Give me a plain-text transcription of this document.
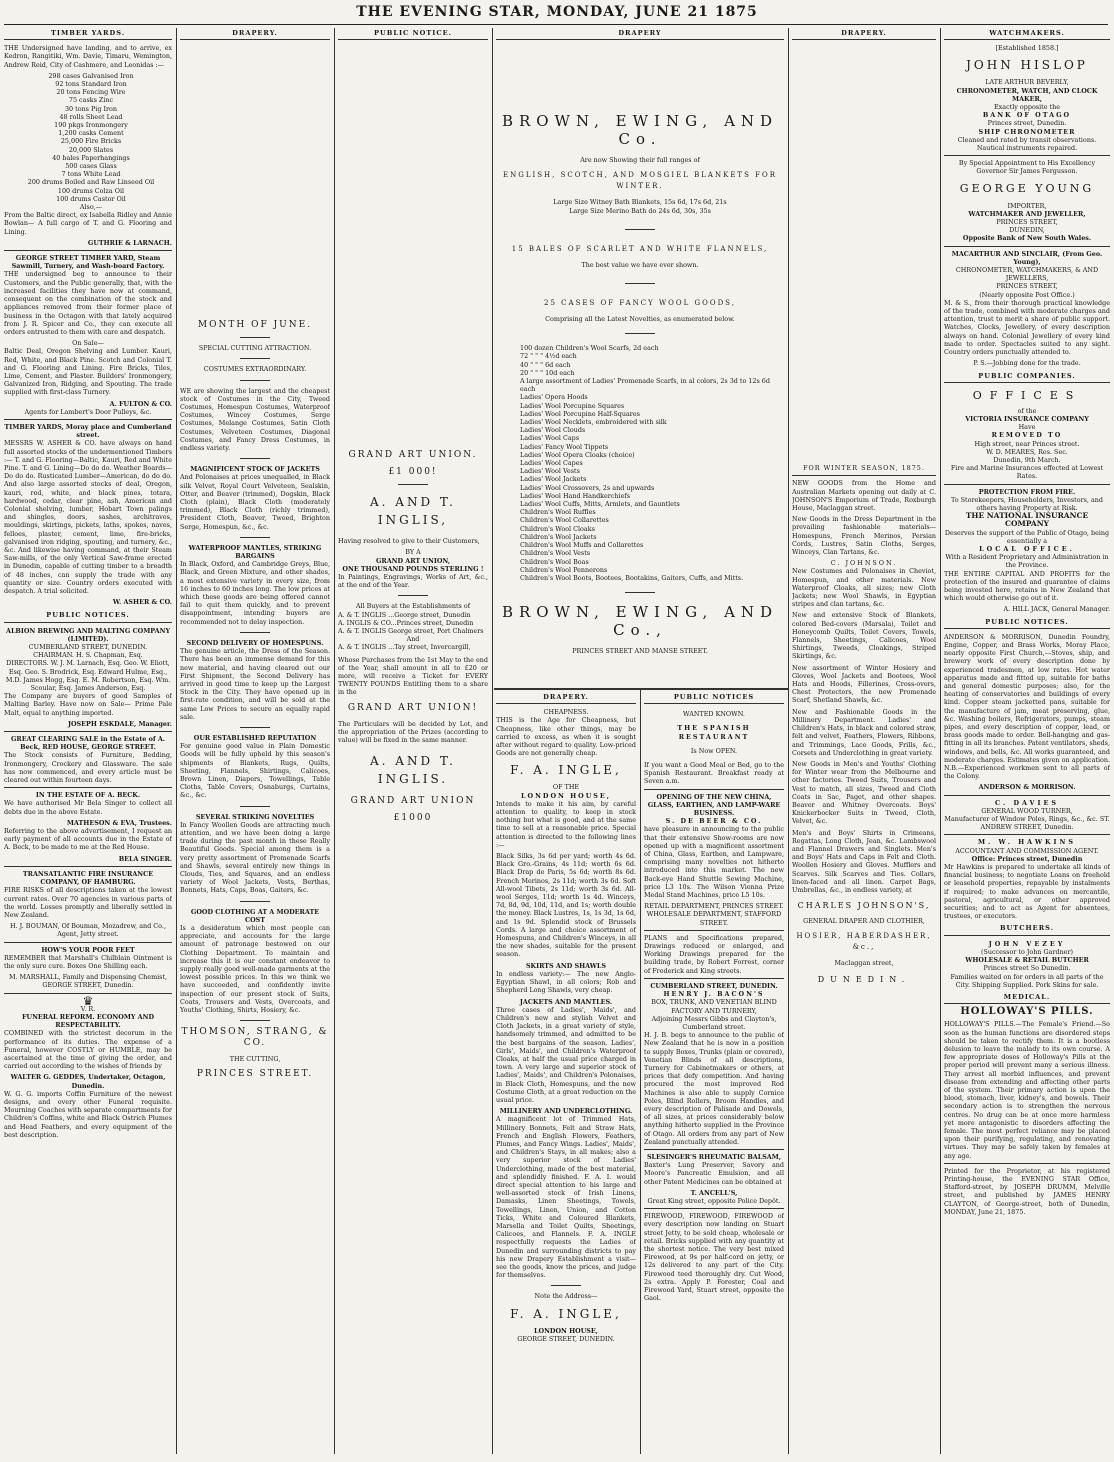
THE EVENING STAR, MONDAY, JUNE 21 1875
TIMBER YARDS.

THE Undersigned have landing, and to arrive, ex Kedron, Rangitiki, Wm. Davie, Timaru, Wemington, Andrew Reid, City of Cashmere, and Leonidas :—

298 cases Galvanised Iron
92 tons Standard Iron
20 tons Fencing Wire
75 casks Zinc
30 tons Pig Iron
48 rolls Sheet Lead
190 pkgs Ironmongery
1,200 casks Cement
25,000 Fire Bricks
20,000 Slates
40 bales Paperhangings
500 cases Glass
7 tons White Lead
200 drums Boiled and Raw Linseed Oil
100 drums Colza Oil
100 drums Castor Oil
Also,—

From the Baltic direct, ex Isabella Ridley and Annie Bowlan— A full cargo of T. and G. Flooring and Lining.

GUTHRIE & LARNACH.
GEORGE STREET TIMBER YARD, Steam Sawmill, Turnery, and Wash-board Factory.

THE undersigned beg to announce to their Customers, and the Public generally, that, with the increased facilities they have now at command, consequent on the combination of the stock and appliances removed from their former place of business in the Octagon with that lately acquired from J. R. Spicer and Co., they can execute all orders entrusted to them with care and despatch.

On Sale—

Baltic Deal, Oregon Shelving and Lumber. Kauri, Red, White, and Black Pine. Scotch and Colonial T. and G. Flooring and Lining. Fire Bricks, Tiles, Lime, Cement, and Plaster. Builders' Ironmongery, Galvanized Iron, Ridging, and Spouting. The trade supplied with first-class Turnery.

A. FULTON & CO.
Agents for Lambert's Door Pulleys, &c.
TIMBER YARDS, Moray place and Cumberland street.

MESSRS W. ASHER & CO. have always on hand full assorted stocks of the undermentioned Timbers :— T. and G. Flooring—Baltic, Kauri, Red and White Pine. T. and G. Lining—Do do do. Weather Boards—Do do do. Rusticated Lumber—American, do do do. And also large assorted stocks of deal, Oregon, kauri, red, white, and black pines, totara, hardwood, cedar, clear pine, ash, American and Colonial shelving, lumber, Hobart Town palings and shingles, doors, sashes, architraves, mouldings, skirtings, pickets, laths, spokes, naves, felloes, plaster, cement, lime, fire-bricks, galvanised iron ridging, spouting, and turnery, &c., &c. And likewise having command, at their Steam Saw-mills, of the only Vertical Saw-frame erected in Dunedin, capable of cutting timber to a breadth of 48 inches, can supply the trade with any quantity or size. Country orders executed with despatch. A trial solicited.

W. ASHER & CO.
PUBLIC NOTICES.
ALBION BREWING AND MALTING COMPANY (LIMITED).
CUMBERLAND STREET, DUNEDIN.
CHAIRMAN. H. S. Chapman, Esq.
DIRECTORS. W. J. M. Larnach, Esq. Geo. W. Eliott, Esq. Geo. S. Brodrick, Esq. Edward Hulme, Esq., M.D. James Hogg, Esq. E. M. Robertson, Esq. Wm. Scoular, Esq. James Anderson, Esq.

The Company are buyers of good Samples of Malting Barley. Have now on Sale— Prime Pale Malt, equal to anything imported.

JOSEPH ESKDALE, Manager.
GREAT CLEARING SALE in the Estate of A. Beck, RED HOUSE, GEORGE STREET.

The Stock consists of Furniture, Bedding, Ironmongery, Crockery and Glassware. The sale has now commenced, and every article must be cleared out within fourteen days.

IN THE ESTATE OF A. BECK.

We have authorised Mr Bela Singer to collect all debts due in the above Estate.

MATHESON & EVA, Trustees.

Referring to the above advertisement, I request an early payment of all accounts due in the Estate of A. Beck, to be made to me at the Red House.

BELA SINGER.
TRANSATLANTIC FIRE INSURANCE COMPANY, OF HAMBURG.

FIRE RISKS of all descriptions taken at the lowest current rates. Over 70 agencies in various parts of the world. Losses promptly and liberally settled in New Zealand.

H. J. BOUMAN, Of Bouman, Mozadrew, and Co., Agent, Jetty street.
HOW'S YOUR POOR FEET

REMEMBER that Marshall's Chilblain Ointment is the only sure cure. Boxes One Shilling each.

M. MARSHALL, Family and Dispensing Chemist, GEORGE STREET, Dunedin.
♛
V. R.
FUNERAL REFORM. ECONOMY AND RESPECTABILITY.

COMBINED with the strictest decorum in the performance of its duties. The expense of a Funeral, however COSTLY or HUMBLE, may be ascertained at the time of giving the order, and carried out according to the wishes of friends by

WALTER G. GEDDES, Undertaker, Octagon, Dunedin.

W. G. G. imports Coffin Furniture of the newest designs, and every other Funeral requisite. Mourning Coaches with separate compartments for Children's Coffins, white and Black Ostrich Plumes and Head Feathers, and every equipment of the best description.

DRAPERY.
MONTH OF JUNE.
SPECIAL CUTTING ATTRACTION.
COSTUMES EXTRAORDINARY.

WE are showing the largest and the cheapest stock of Costumes in the City, Tweed Costumes, Homespun Costumes, Waterproof Costumes, Wincey Costumes, Serge Costumes, Melange Costumes, Satin Cloth Costumes, Velveteen Costumes, Diagonal Costumes, and Fancy Dress Costumes, in endless variety.

MAGNIFICENT STOCK OF JACKETS

And Polonaises at prices unequalled, in Black silk Velvet, Royal Court Velveteen, Sealskin, Otter, and Beaver (trimmed), Dogskin, Black Cloth (plain), Black Cloth (moderately trimmed), Black Cloth (richly trimmed), President Cloth, Beaver, Tweed, Brighton Serge, Homespun, &c., &c.

WATERPROOF MANTLES, STRIKING BARGAINS

In Black, Oxford, and Cambridge Greys, Blue, Black, and Green Mixture, and other shades, a most extensive variety in every size, from 16 inches to 60 inches long. The low prices at which these goods are being offered cannot fail to quit them quickly, and to prevent disappointment, intending buyers are recommended not to delay inspection.

SECOND DELIVERY OF HOMESPUNS.

The genuine article, the Dress of the Season. There has been an immense demand for this new material, and having cleared out our First Shipment, the Second Delivery has arrived in good time to keep up the Largest Stock in the City. They have opened up in first-rate condition, and will be sold at the same Low Prices to secure an equally rapid sale.

OUR ESTABLISHED REPUTATION

For genuine good value in Plain Domestic Goods will be fully upheld by this season's shipments of Blankets, Rugs, Quilts, Sheeting, Flannels, Shirtings, Calicoes, Brown Linen, Diapers, Towellings, Table Cloths, Table Covers, Osnaburgs, Curtains, &c., &c.

SEVERAL STRIKING NOVELTIES

In Fancy Woollen Goods are attracting much attention, and we have been doing a large trade during the past month in these Really Beautiful Goods. Special among them is a very pretty assortment of Promenade Scarfs and Shawls, several entirely new things in Clouds, Ties, and Squares, and an endless variety of Wool Jackets, Vests, Berthas, Bonnets, Hats, Caps, Boas, Gaiters, &c.

GOOD CLOTHING AT A MODERATE COST

Is a desideratum which most people can appreciate, and accounts for the large amount of patronage bestowed on our Clothing Department. To maintain and increase this it is our constant endeavor to supply really good well-made garments at the lowest possible prices. In this we think we have succeeded, and confidently invite inspection of our present stock of Suits, Coats, Trousers and Vests, Overcoats, and Youths' Clothing, Shirts, Hosiery, &c.

THOMSON, STRANG, & CO.
THE CUTTING,
PRINCES STREET.
PUBLIC NOTICE.
GRAND ART UNION.
£1 000!
A. AND T. INGLIS,

Having resolved to give to their Customers,

BY A
GRAND ART UNION,
ONE THOUSAND POUNDS STERLING !

In Paintings, Engravings, Works of Art, &c., at the end of the Year.

All Buyers at the Establishments of
A. & T. INGLIS ...George street, Dunedin
A. INGLIS & CO...Princes street, Dunedin
A. & T. INGLIS George street, Port Chalmers
And
A. & T. INGLIS ...Tay street, Invercargill,

Whose Purchases from the 1st May to the end of the Year, shall amount in all to £20 or more, will receive a Ticket for EVERY TWENTY POUNDS Entitling them to a share in the

GRAND ART UNION!

The Particulars will be decided by Lot, and the appropriation of the Prizes (according to value) will be fixed in the same manner.

A. AND T. INGLIS.
GRAND ART UNION
£1000
DRAPERY
BROWN, EWING, AND Co.
Are now Showing their full ranges of
ENGLISH, SCOTCH, AND MOSGIEL BLANKETS FOR WINTER.
Large Size Witney Bath Blankets, 15s 6d, 17s 6d, 21s
Large Size Merino Bath do 24s 6d, 30s, 35s
15 BALES OF SCARLET AND WHITE FLANNELS,
The best value we have ever shown.
25 CASES OF FANCY WOOL GOODS,
Comprising all the Latest Novelties, as enumerated below.
100 dozen Children's Wool Scarfs, 2d each
72 " " " 4½d each
40 " " " 6d each
20 " " " 10d each
A large assortment of Ladies' Promenade Scarfs, in al colors, 2s 3d to 12s 6d each
Ladies' Opera Hoods
Ladies' Wool Porcupine Squares
Ladies' Wool Porcupine Half-Squares
Ladies' Wool Necklets, embroidered with silk
Ladies' Wool Clouds
Ladies' Wool Caps
Ladies' Fancy Wool Tippets
Ladies' Wool Opera Cloaks (choice)
Ladies' Wool Capes
Ladies' Wool Vests
Ladies' Wool Jackets
Ladies' Wool Crossovers, 2s and upwards
Ladies' Wool Hand Handkerchiefs
Ladies' Wool Cuffs, Mitts, Armlets, and Gauntlets
Children's Wool Ruffles
Children's Wool Collarettes
Children's Wool Cloaks
Children's Wool Jackets
Children's Wool Muffs and Collarettes
Children's Wool Vests
Children's Wool Boas
Children's Wool Pennerons
Children's Wool Boots, Bootees, Bootakins, Gaiters, Cuffs, and Mitts.
BROWN, EWING, AND Co.,
PRINCES STREET AND MANSE STREET.
DRAPERY.
CHEAPNESS.

THIS is the Age for Cheapness, but Cheapness, like other things, may be carried to excess, as when it is sought after without regard to quality. Low-priced Goods are not generally cheap.

F. A. INGLE,
OF THE
LONDON HOUSE,

Intends to make it his aim, by careful attention to quality, to keep in stock nothing but what is good, and at the same time to sell at a reasonable price. Special attention is directed to the following lines :—

Black Silks, 3s 6d per yard; worth 4s 6d. Black Gro.-Grains, 4s 11d; worth 6s 6d. Black Drap de Paris, 5s 6d; worth 8s 6d. French Merinos, 2s 11d; worth 3s 6d. Soft All-wool Tibets, 2s 11d; worth 3s 6d. All-wool Serges, 11d; worth 1s 4d. Winceys, 7d, 8d, 9d, 10d, 11d, and 1s; worth double the money. Black Lustres, 1s, 1s 3d, 1s 6d, and 1s 9d. Splendid stock of Brussels Cords. A large and choice assortment of Homespuns, and Children's Winceys, in all the new shades, suitable for the present season.

SKIRTS AND SHAWLS

In endless variety:— The new Anglo-Egyptian Shawl, in all colors; Rob and Shepherd Long Shawls, very cheap.

JACKETS AND MANTLES.

Three cases of Ladies', Maids', and Children's new and stylish Velvet and Cloth Jackets, in a great variety of style, handsomely trimmed, and admitted to be the best bargains of the season. Ladies', Girls', Maids', and Children's Waterproof Cloaks, at half the usual price charged in town. A very large and superior stock of Ladies', Maids', and Children's Polonaises, in Black Cloth, Homespuns, and the new Costume Cloth, at a great reduction on the usual price.

MILLINERY AND UNDERCLOTHING.

A magnificent lot of Trimmed Hats, Millinery Bonnets, Felt and Straw Hats, French and English Flowers, Feathers, Plumes, and Fancy Wings. Ladies', Maids', and Children's Stays, in all makes; also a very superior stock of Ladies' Underclothing, made of the best material, and splendidly finished. F. A. I. would direct special attention to his large and well-assorted stock of Irish Linens, Damasks, Linen Sheetings, Towels, Towellings, Linen, Union, and Cotton Ticks, White and Coloured Blankets, Marsella and Toilet Quilts, Sheetings, Calicoes, and Flannels. F. A. INGLE respectfully requests the Ladies of Dunedin and surrounding districts to pay his new Drapery Establishment a visit—see the goods, know the prices, and judge for themselves.

Note the Address—
F. A. INGLE,
LONDON HOUSE,
GEORGE STREET, DUNEDIN.
PUBLIC NOTICES
WANTED KNOWN.
THE SPANISH RESTAURANT
Is Now OPEN.

If you want a Good Meal or Bed, go to the Spanish Restaurant. Breakfast ready at Seven a.m.

OPENING OF THE NEW CHINA, GLASS, EARTHEN, AND LAMP-WARE BUSINESS.
S. DE BEER & CO.

have pleasure in announcing to the public that their extensive Show-rooms are now opened up with a magnificent assortment of China, Glass, Earthen, and Lampware, comprising many novelties not hitherto introduced into this market. The new Back-eye Hand Shuttle Sewing Machine, price L3 10s. The Wilson Vienna Prize Medal Stand Machines, price L5 10s.

RETAIL DEPARTMENT, PRINCES STREET. WHOLESALE DEPARTMENT, STAFFORD STREET.

PLANS and Specifications prepared, Drawings reduced or enlarged, and Working Drawings prepared for the building trade, by Robert Forrest, corner of Frederick and King streets.

CUMBERLAND STREET, DUNEDIN.
HENRY J. BACON'S
BOX, TRUNK, AND VENETIAN BLIND FACTORY AND TURNERY,
Adjoining Messrs Gibbs and Clayton's, Cumberland street.

H. J. B. begs to announce to the public of New Zealand that he is now in a position to supply Boxes, Trunks (plain or covered), Venetian Blinds of all descriptions, Turnery for Cabinetmakers or others, at prices that defy competition. And having procured the most improved Rod Machines is also able to supply Cornice Poles, Blind Rollers, Broom Handles, and every description of Palisade and Dowels, of all sizes, at prices considerably below anything hitherto supplied in the Province of Otago. All orders from any part of New Zealand punctually attended.

SLESINGER'S RHEUMATIC BALSAM,

Baxter's Lung Preserver, Savory and Moore's Pancreatic Emulsion, and all other Patent Medicines can be obtained at

T. ANCELL'S,
Great King street, opposite Police Depôt.

FIREWOOD, FIREWOOD, FIREWOOD of every description now landing on Stuart street Jetty, to be sold cheap, wholesale or retail. Bricks supplied with any quantity at the shortest notice. The very best mixed Firewood, at 9s per half-cord on jetty, or 12s delivered to any part of the City. Firewood teed thoroughly dry. Cut Wood, 2s extra. Apply P. Forester, Coal and Firewood Yard, Stuart street, opposite the Gaol.

DRAPERY.
FOR WINTER SEASON, 1875.

NEW GOODS from the Home and Australian Markets opening out daily at C. JOHNSON'S Emporium of Trade, Roxburgh House, Maclaggan street.

New Goods in the Dress Department in the prevailing fashionable materials—Homespuns, French Merinos, Persian Cords, Lustres, Satin Cloths, Serges, Winceys, Clan Tartans, &c.

C. JOHNSON.

New Costumes and Polonaises in Cheviot, Homespun, and other materials. New Waterproof Cloaks, all sizes; new Cloth Jackets; new Wool Shawls, in Egyptian stripes and clan tartans, &c.

New and extensive Stock of Blankets, colored Bed-covers (Marsala), Toilet and Honeycomb Quilts, Toilet Covers, Towels, Flannels, Sheetings, Calicoes, Wool Shirtings, Tweeds, Cloakings, Striped Skirtings, &c.

New assortment of Winter Hosiery and Gloves, Wool Jackets and Bootees, Wool Hats and Hoods, Fillerines, Cross-overs, Chest Protectors, the new Promenade Scarf, Shetland Shawls, &c.

New and Fashionable Goods in the Millinery Department. Ladies' and Children's Hats, in black and colored straw, felt and velvet, Feathers, Flowers, Ribbons, and Trimmings, Lace Goods, Frills, &c., Corsets and Underclothing in great variety.

New Goods in Men's and Youths' Clothing for Winter wear from the Melbourne and other factories. Tweed Suits, Trousers and Vest to match, all sizes, Tweed and Cloth Coats in Sac, Paget, and other shapes. Beaver and Whitney Overcoats. Boys' Knickerbocker Suits in Tweed, Cloth, Velvet, &c.

Men's and Boys' Shirts in Crimeans, Regattas, Long Cloth, Jean, &c. Lambswool and Flannel Drawers and Singlets. Men's and Boys' Hats and Caps in Felt and Cloth. Woollen Hosiery and Gloves. Mufflers and Scarves. Silk Scarves and Ties. Collars, linen-faced and all linen. Carpet Bags, Umbrellas, &c., in endless variety, at

CHARLES JOHNSON'S,
GENERAL DRAPER AND CLOTHIER,
HOSIER, HABERDASHER, &c.,
Maclaggan street,
DUNEDIN.
WATCHMAKERS.
[Established 1858.]
JOHN HISLOP
LATE ARTHUR BEVERLY,
CHRONOMETER, WATCH, AND CLOCK MAKER,
Exactly opposite the
BANK OF OTAGO
Princes street, Dunedin.
SHIP CHRONOMETER
Cleaned and rated by transit observations. Nautical instruments repaired.
By Special Appointment to His Excellency Governor Sir James Fergusson.
GEORGE YOUNG
IMPORTER,
WATCHMAKER AND JEWELLER,
PRINCES STREET,
DUNEDIN,
Opposite Bank of New South Wales.
MACARTHUR AND SINCLAIR, (From Geo. Young),
CHRONOMETER, WATCHMAKERS, & AND JEWELLERS,
PRINCES STREET,
(Nearly opposite Post Office.)

M. & S., from their thorough practical knowledge of the trade, combined with moderate charges and attention, trust to merit a share of public support. Watches, Clocks, Jewellery, of every description always on hand. Colonial Jewellery of every kind made to order. Spectacles suited to any sight. Country orders punctually attended to.

P. S.—Jobbing done for the trade.
PUBLIC COMPANIES.
OFFICES
of the
VICTORIA INSURANCE COMPANY
Have
REMOVED TO
High street, near Princes street.
W. D. MEARES, Res. Sec.
Dunedin, 9th March.
Fire and Marine Insurances effected at Lowest Rates.
PROTECTION FROM FIRE.
To Storekeepers, Householders, Investors, and others having Property at Risk.
THE NATIONAL INSURANCE COMPANY
Deserves the support of the Public of Otago, being essentially a
LOCAL OFFICE.
With a Resident Proprietary and Administration in the Province.

THE ENTIRE CAPITAL AND PROFITS for the protection of the insured and guarantee of claims being invested here, retains in New Zealand that which would otherwise go out of it.

A. HILL JACK, General Manager.
PUBLIC NOTICES.

ANDERSON & MORRISON, Dunedin Foundry, Engine, Copper, and Brass Works, Moray Place, nearly opposite First Church,—Stoves, ship, and brewery work of every description done by experienced tradesmen, at low rates. Hot water apparatus made and fitted up, suitable for baths and general domestic purposes; also, for the heating of conservatories and buildings of every kind. Copper steam jacketted pans, suitable for the manufacture of jam, meat preserving, glue, &c. Washing boilers, Refrigerators, pumps, steam pipes, and every description of copper, lead, or brass goods made to order. Bell-hanging and gas-fitting in all its branches. Patent ventilators, sheds, windows, and bells, &c. All works guaranteed, and moderate charges. Estimates given on application. N.B.—Experienced workmen sent to all parts of the Colony.

ANDERSON & MORRISON.
C. DAVIES
GENERAL WOOD TURNER,
Manufacturer of Window Poles, Rings, &c., &c. ST. ANDREW STREET, Dunedin.
M. W. HAWKINS
ACCOUNTANT AND COMMISSION AGENT.
Office: Princes street, Dunedin

Mr Hawkins is prepared to undertake all kinds of financial business; to negotiate Loans on freehold or leasehold properties, repayable by instalments if required; to make advances on mercantile, pastoral, agricultural, or other approved securities; and to act as Agent for absentees, trustees, or executors.

BUTCHERS.
JOHN VEZEY
(Successor to John Gardner)
WHOLESALE & RETAIL BUTCHER
Princes street So Dunedin.
Families waited on for orders in all parts of the City. Shipping Supplied. Pork Skins for sale.
MEDICAL.
HOLLOWAY'S PILLS.

HOLLOWAY'S PILLS.—The Female's Friend.—So soon as the human functions are disordered steps should be taken to rectify them. It is a bootless delusion to leave the malady to its own course. A few appropriate doses of Holloway's Pills at the proper period will prevent many a serious illness. They arrest all morbid influences, and prevent disease from extending and affecting other parts of the system. Their primary action is upon the blood, stomach, liver, kidney's, and bowels. Their secondary action is to strengthen the nervous centres. No drug can be at once more harmless yet more antagonistic to disorders affecting the female. The most perfect reliance may be placed upon their purifying, regulating, and renovating virtues. They may be safely taken by females at any age.

Printed for the Proprietor, at his registered Printing-house, the EVENING STAR Office, Stafford-street, by JOSEPH DRUMM, Melville street, and published by JAMES HENRY CLAYTON, of George-street, both of Dunedin, MONDAY, June 21, 1875.
